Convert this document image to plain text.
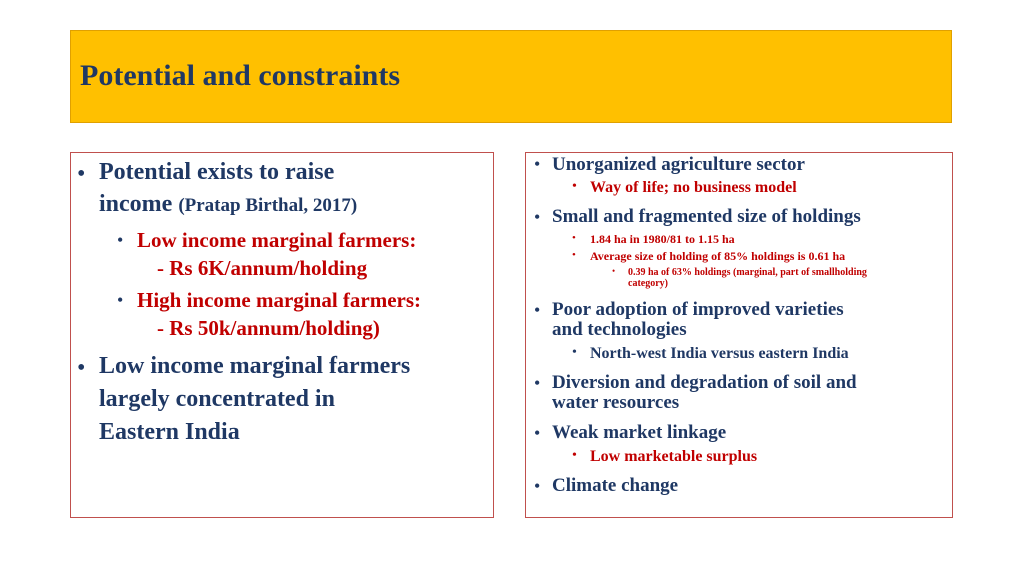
Potential and constraints
• Potential exists to raise
income (Pratap Birthal, 2017)
• Low income marginal farmers:
- Rs 6K/annum/holding
• High income marginal farmers:
- Rs 50k/annum/holding)
• Low income marginal farmers
largely concentrated in
Eastern India
• Unorganized agriculture sector
• Way of life; no business model
• Small and fragmented size of holdings
• 1.84 ha in 1980/81 to 1.15 ha
• Average size of holding of 85% holdings is 0.61 ha
• 0.39 ha of 63% holdings (marginal, part of smallholding
category)
• Poor adoption of improved varieties
and technologies
• North-west India versus eastern India
• Diversion and degradation of soil and
water resources
• Weak market linkage
• Low marketable surplus
• Climate change
